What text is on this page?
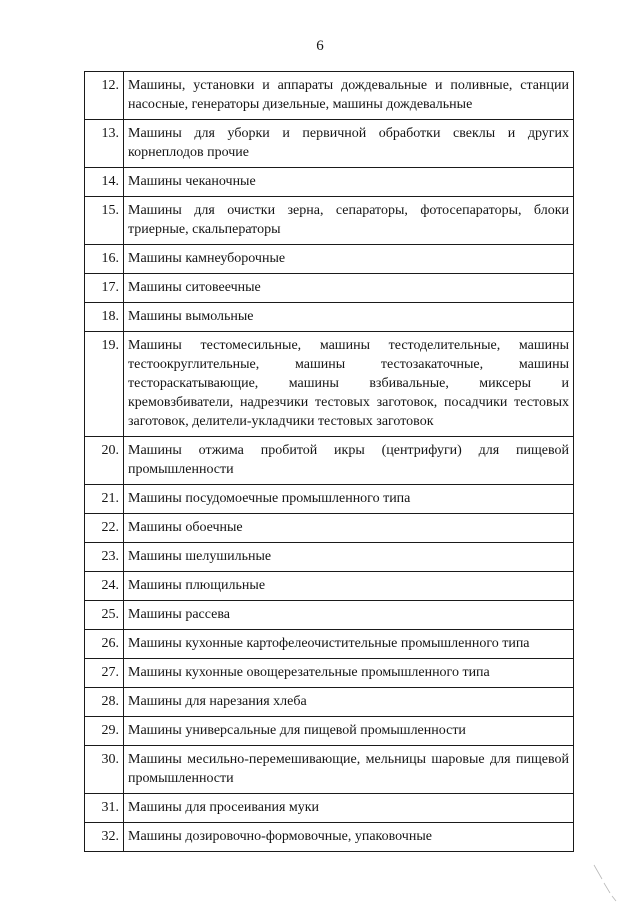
6
12.	Машины, установки и аппараты дождевальные и поливные, станции насосные, генераторы дизельные, машины дождевальные
13.	Машины для уборки и первичной обработки свеклы и других корнеплодов прочие
14.	Машины чеканочные
15.	Машины для очистки зерна, сепараторы, фотосепараторы, блоки триерные, скальператоры
16.	Машины камнеуборочные
17.	Машины ситовеечные
18.	Машины вымольные
19.	Машины тестомесильные, машины тестоделительные, машины тестоокруглительные, машины тестозакаточные, машины тестораскатывающие, машины взбивальные, миксеры и кремовзбиватели, надрезчики тестовых заготовок, посадчики тестовых заготовок, делители-укладчики тестовых заготовок
20.	Машины отжима пробитой икры (центрифуги) для пищевой промышленности
21.	Машины посудомоечные промышленного типа
22.	Машины обоечные
23.	Машины шелушильные
24.	Машины плющильные
25.	Машины рассева
26.	Машины кухонные картофелеочистительные промышленного типа
27.	Машины кухонные овощерезательные промышленного типа
28.	Машины для нарезания хлеба
29.	Машины универсальные для пищевой промышленности
30.	Машины месильно-перемешивающие, мельницы шаровые для пищевой промышленности
31.	Машины для просеивания муки
32.	Машины дозировочно-формовочные, упаковочные
